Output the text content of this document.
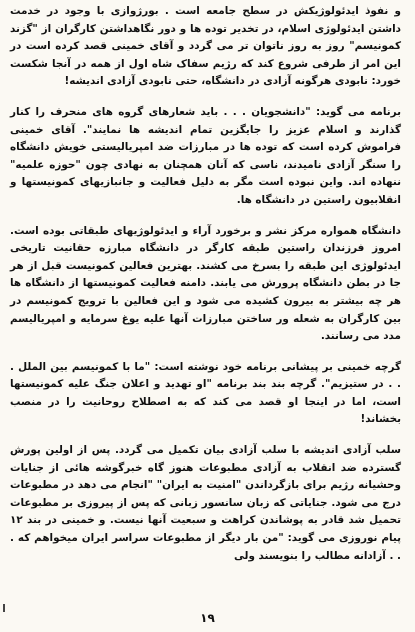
و نفوذ ایدئولوژیکش در سطح جامعه است . بورژوازی با وجود در خدمت داشتن ایدئولوژی اسلام، در تخدیر توده ها و دور نگاهداشتن کارگران از "گزند کمونیسم" روز به روز ناتوان تر می گردد و آقای خمینی قصد کرده است در این امر از طرفی شروع کند که رژیم سفاک شاه اول از همه در آنجا شکست خورد: نابودی هرگونه آزادی در دانشگاه، حتی نابودی آزادی اندیشه!

برنامه می گوید: "دانشجویان . . . باید شعارهای گروه های منحرف را کنار گذارند و اسلام عزیز را جایگزین تمام اندیشه ها نمایند". آقای خمینی فراموش کرده است که توده ها در مبارزات ضد امپریالیستی خویش دانشگاه را سنگر آزادی نامیدند، ناسی که آنان همچنان به نهادی چون "حوزه علمیه" ننهاده اند. واین نبوده است مگر به دلیل فعالیت و جانبازیهای کمونیستها و انقلابیون راستین در دانشگاه ها.

دانشگاه همواره مرکز نشر و برخورد آراء و ایدئولوژیهای طبقاتی بوده است. امروز فرزندان راستین طبقه کارگر در دانشگاه مبارزه حقانیت تاریخی ایدئولوژی این طبقه را بسرخ می کشند. بهترین فعالین کمونیست قبل از هر جا در بطن دانشگاه پرورش می یابند. دامنه فعالیت کمونیستها از دانشگاه ها هر چه بیشتر به بیرون کشیده می شود و این فعالین با ترویج کمونیسم در بین کارگران به شعله ور ساختن مبارزات آنها علیه یوغ سرمایه و امپریالیسم مدد می رسانند.

گرچه خمینی بر پیشانی برنامه خود نوشته است: "ما با کمونیسم بین الملل . . . در ستیزیم". گرچه بند بند برنامه "او تهدید و اعلان جنگ علیه کمونیستها است، اما در اینجا او قصد می کند که به اصطلاح روحانیت را در منصب بخشاند!

سلب آزادی اندیشه با سلب آزادی بیان تکمیل می گردد. پس از اولین پورش گسترده ضد انقلاب به آزادی مطبوعات هنوز گاه خبرگوشه هائی از جنایات وحشیانه رژیم برای بازگرداندن "امنیت به ایران" "انجام می دهد در مطبوعات درج می شود. جنایاتی که زبان سانسور زبانی که پس از پیروزی بر مطبوعات تحمیل شد قادر به پوشاندن کراهت و سبعیت آنها نیست. و خمینی در بند ١٢ پیام نوروزی می گوید: "من بار دیگر از مطبوعات سراسر ایران میخواهم که . . . آزادانه مطالب را بنویسند ولی

١٩
